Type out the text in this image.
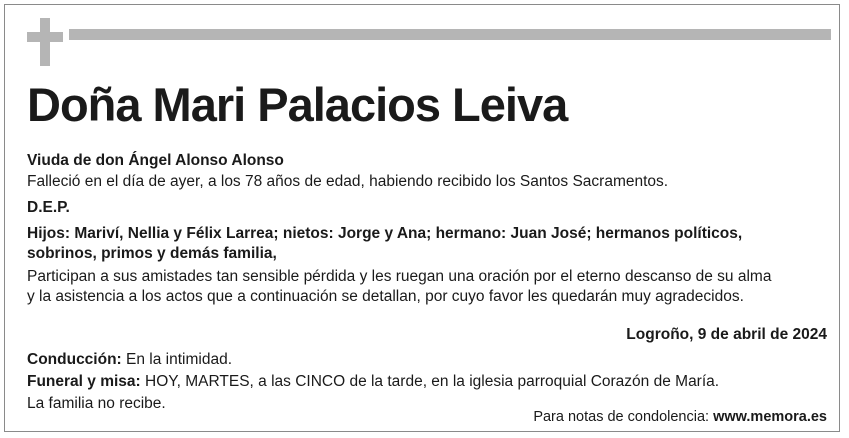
Doña Mari Palacios Leiva
Viuda de don Ángel Alonso Alonso
Falleció en el día de ayer, a los 78 años de edad, habiendo recibido los Santos Sacramentos.
D.E.P.
Hijos: Mariví, Nellia y Félix Larrea; nietos: Jorge y Ana; hermano: Juan José; hermanos políticos,
sobrinos, primos y demás familia,
Participan a sus amistades tan sensible pérdida y les ruegan una oración por el eterno descanso de su alma
y la asistencia a los actos que a continuación se detallan, por cuyo favor les quedarán muy agradecidos.
Logroño, 9 de abril de 2024
Conducción: En la intimidad.
Funeral y misa: HOY, MARTES, a las CINCO de la tarde, en la iglesia parroquial Corazón de María.
La familia no recibe.
Para notas de condolencia: www.memora.es
